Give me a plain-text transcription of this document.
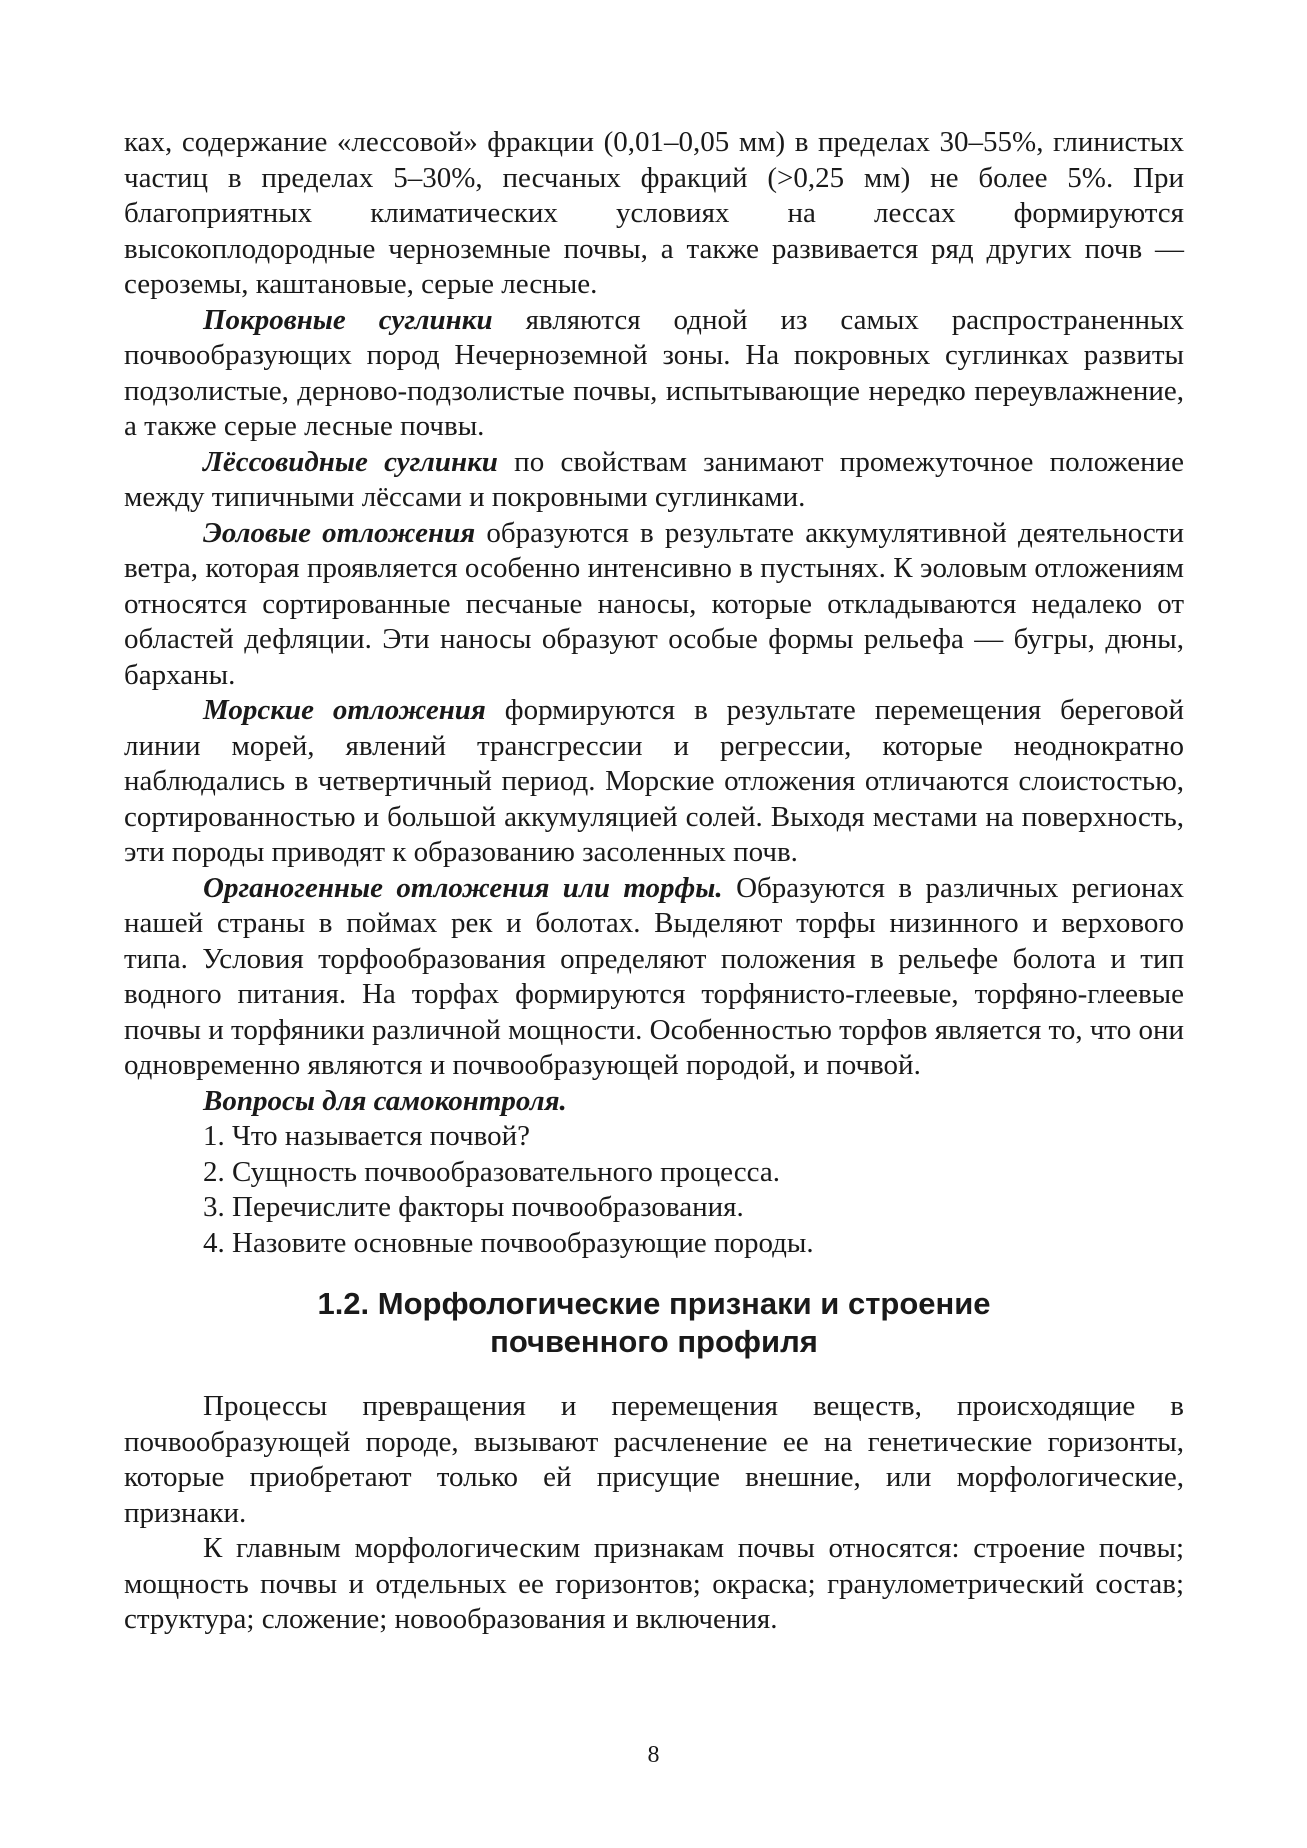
ках, содержание «лессовой» фракции (0,01–0,05 мм) в пределах 30–55%, глинистых частиц в пределах 5–30%, песчаных фракций (>0,25 мм) не более 5%. При благоприятных климатических условиях на лессах формируются высокоплодородные черноземные почвы, а также развивается ряд других почв — сероземы, каштановые, серые лесные.

Покровные суглинки являются одной из самых распространенных почвообразующих пород Нечерноземной зоны. На покровных суглинках развиты подзолистые, дерново-подзолистые почвы, испытывающие нередко переувлажнение, а также серые лесные почвы.

Лёссовидные суглинки по свойствам занимают промежуточное положение между типичными лёссами и покровными суглинками.

Эоловые отложения образуются в результате аккумулятивной деятельности ветра, которая проявляется особенно интенсивно в пустынях. К эоловым отложениям относятся сортированные песчаные наносы, которые откладываются недалеко от областей дефляции. Эти наносы образуют особые формы рельефа — бугры, дюны, барханы.

Морские отложения формируются в результате перемещения береговой линии морей, явлений трансгрессии и регрессии, которые неоднократно наблюдались в четвертичный период. Морские отложения отличаются слоистостью, сортированностью и большой аккумуляцией солей. Выходя местами на поверхность, эти породы приводят к образованию засоленных почв.

Органогенные отложения или торфы. Образуются в различных регионах нашей страны в поймах рек и болотах. Выделяют торфы низинного и верхового типа. Условия торфообразования определяют положения в рельефе болота и тип водного питания. На торфах формируются торфянисто-глеевые, торфяно-глеевые почвы и торфяники различной мощности. Особенностью торфов является то, что они одновременно являются и почвообразующей породой, и почвой.

Вопросы для самоконтроля.
1. Что называется почвой?
2. Сущность почвообразовательного процесса.
3. Перечислите факторы почвообразования.
4. Назовите основные почвообразующие породы.
1.2. Морфологические признаки и строение
почвенного профиля

Процессы превращения и перемещения веществ, происходящие в почвообразующей породе, вызывают расчленение ее на генетические горизонты, которые приобретают только ей присущие внешние, или морфологические, признаки.

К главным морфологическим признакам почвы относятся: строение почвы; мощность почвы и отдельных ее горизонтов; окраска; гранулометрический состав; структура; сложение; новообразования и включения.

8
